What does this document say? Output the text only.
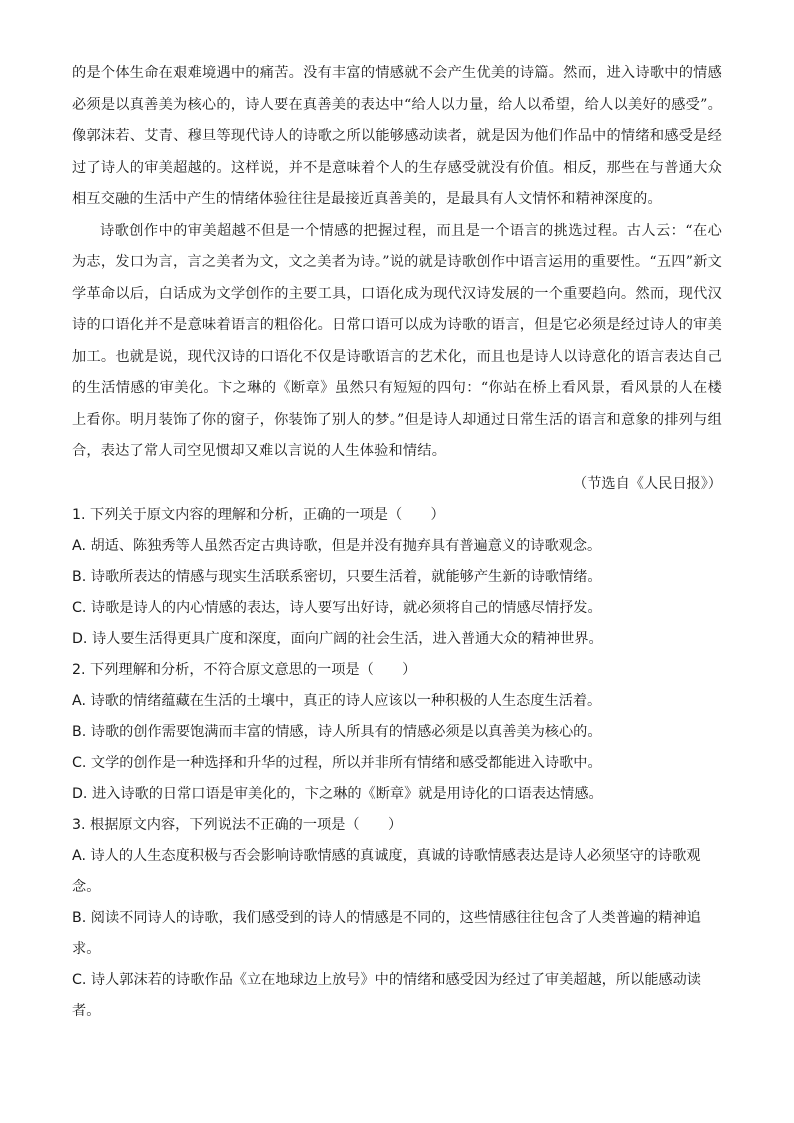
的是个体生命在艰难境遇中的痛苦。没有丰富的情感就不会产生优美的诗篇。然而，进入诗歌中的情感必须是以真善美为核心的，诗人要在真善美的表达中“给人以力量，给人以希望，给人以美好的感受”。像郭沫若、艾青、穆旦等现代诗人的诗歌之所以能够感动读者，就是因为他们作品中的情绪和感受是经过了诗人的审美超越的。这样说，并不是意味着个人的生存感受就没有价值。相反，那些在与普通大众相互交融的生活中产生的情绪体验往往是最接近真善美的，是最具有人文情怀和精神深度的。

诗歌创作中的审美超越不但是一个情感的把握过程，而且是一个语言的挑选过程。古人云：“在心为志，发口为言，言之美者为文，文之美者为诗。”说的就是诗歌创作中语言运用的重要性。“五四”新文学革命以后，白话成为文学创作的主要工具，口语化成为现代汉诗发展的一个重要趋向。然而，现代汉诗的口语化并不是意味着语言的粗俗化。日常口语可以成为诗歌的语言，但是它必须是经过诗人的审美加工。也就是说，现代汉诗的口语化不仅是诗歌语言的艺术化，而且也是诗人以诗意化的语言表达自己的生活情感的审美化。卞之琳的《断章》虽然只有短短的四句：“你站在桥上看风景，看风景的人在楼上看你。明月装饰了你的窗子，你装饰了别人的梦。”但是诗人却通过日常生活的语言和意象的排列与组合，表达了常人司空见惯却又难以言说的人生体验和情结。

（节选自《人民日报》）

1. 下列关于原文内容的理解和分析，正确的一项是（　　）

A. 胡适、陈独秀等人虽然否定古典诗歌，但是并没有抛弃具有普遍意义的诗歌观念。

B. 诗歌所表达的情感与现实生活联系密切，只要生活着，就能够产生新的诗歌情绪。

C. 诗歌是诗人的内心情感的表达，诗人要写出好诗，就必须将自己的情感尽情抒发。

D. 诗人要生活得更具广度和深度，面向广阔的社会生活，进入普通大众的精神世界。

2. 下列理解和分析，不符合原文意思的一项是（　　）

A. 诗歌的情绪蕴藏在生活的土壤中，真正的诗人应该以一种积极的人生态度生活着。

B. 诗歌的创作需要饱满而丰富的情感，诗人所具有的情感必须是以真善美为核心的。

C. 文学的创作是一种选择和升华的过程，所以并非所有情绪和感受都能进入诗歌中。

D. 进入诗歌的日常口语是审美化的，卞之琳的《断章》就是用诗化的口语表达情感。

3. 根据原文内容，下列说法不正确的一项是（　　）

A. 诗人的人生态度积极与否会影响诗歌情感的真诚度，真诚的诗歌情感表达是诗人必须坚守的诗歌观念。

B. 阅读不同诗人的诗歌，我们感受到的诗人的情感是不同的，这些情感往往包含了人类普遍的精神追求。

C. 诗人郭沫若的诗歌作品《立在地球边上放号》中的情绪和感受因为经过了审美超越，所以能感动读者。
